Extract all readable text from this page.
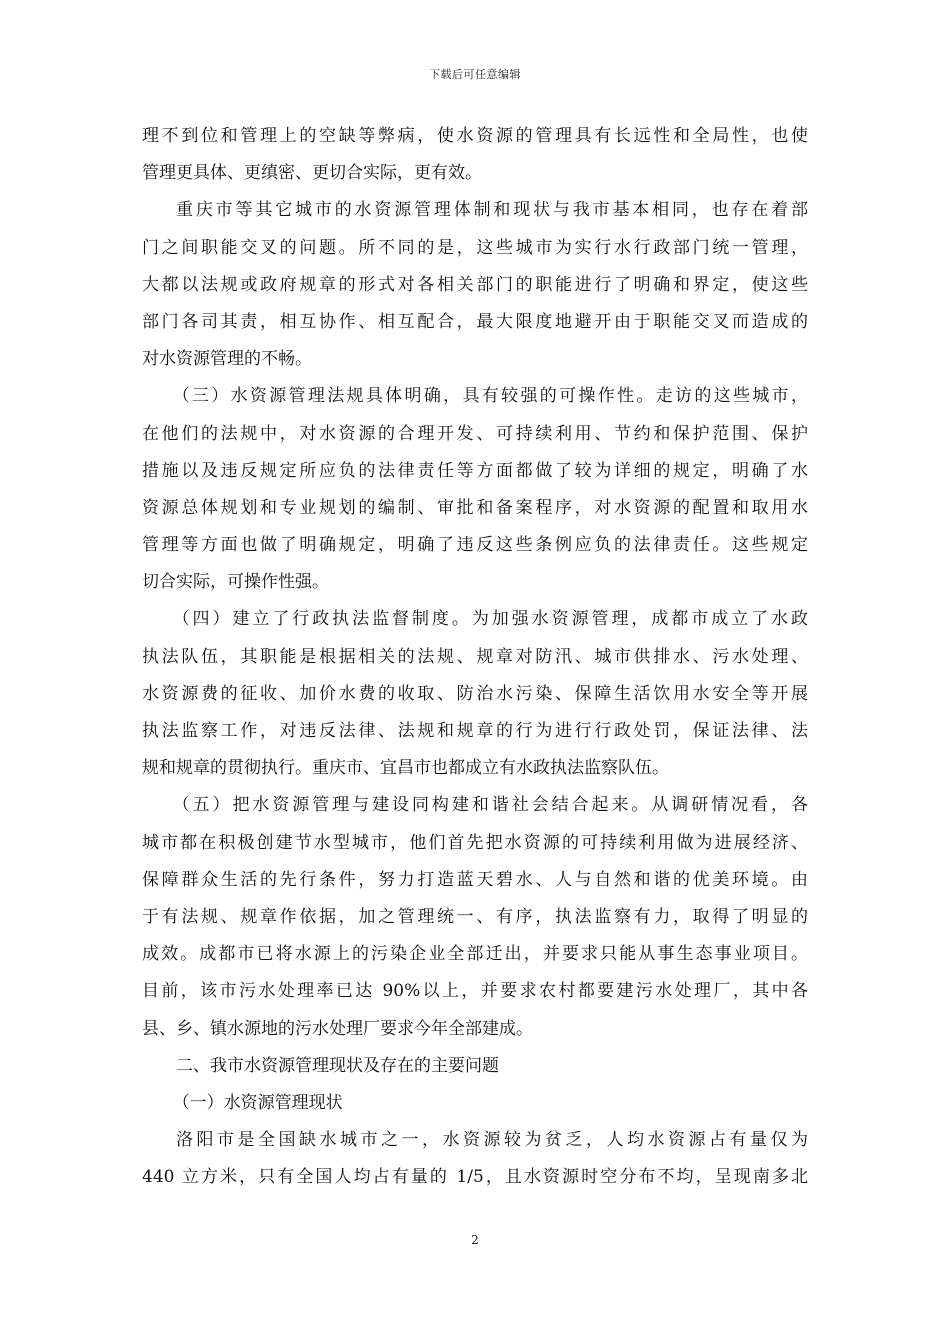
下载后可任意编辑
理不到位和管理上的空缺等弊病，使水资源的管理具有长远性和全局性，也使
管理更具体、更缜密、更切合实际，更有效。
重庆市等其它城市的水资源管理体制和现状与我市基本相同，也存在着部
门之间职能交叉的问题。所不同的是，这些城市为实行水行政部门统一管理，
大都以法规或政府规章的形式对各相关部门的职能进行了明确和界定，使这些
部门各司其责，相互协作、相互配合，最大限度地避开由于职能交叉而造成的
对水资源管理的不畅。
（三）水资源管理法规具体明确，具有较强的可操作性。走访的这些城市，
在他们的法规中，对水资源的合理开发、可持续利用、节约和保护范围、保护
措施以及违反规定所应负的法律责任等方面都做了较为详细的规定，明确了水
资源总体规划和专业规划的编制、审批和备案程序，对水资源的配置和取用水
管理等方面也做了明确规定，明确了违反这些条例应负的法律责任。这些规定
切合实际，可操作性强。
（四）建立了行政执法监督制度。为加强水资源管理，成都市成立了水政
执法队伍，其职能是根据相关的法规、规章对防汛、城市供排水、污水处理、
水资源费的征收、加价水费的收取、防治水污染、保障生活饮用水安全等开展
执法监察工作，对违反法律、法规和规章的行为进行行政处罚，保证法律、法
规和规章的贯彻执行。重庆市、宜昌市也都成立有水政执法监察队伍。
（五）把水资源管理与建设同构建和谐社会结合起来。从调研情况看，各
城市都在积极创建节水型城市，他们首先把水资源的可持续利用做为进展经济、
保障群众生活的先行条件，努力打造蓝天碧水、人与自然和谐的优美环境。由
于有法规、规章作依据，加之管理统一、有序，执法监察有力，取得了明显的
成效。成都市已将水源上的污染企业全部迁出，并要求只能从事生态事业项目。
目前，该市污水处理率已达 90%以上，并要求农村都要建污水处理厂，其中各
县、乡、镇水源地的污水处理厂要求今年全部建成。
二、我市水资源管理现状及存在的主要问题
（一）水资源管理现状
洛阳市是全国缺水城市之一，水资源较为贫乏，人均水资源占有量仅为
440 立方米，只有全国人均占有量的 1/5，且水资源时空分布不均，呈现南多北
2
